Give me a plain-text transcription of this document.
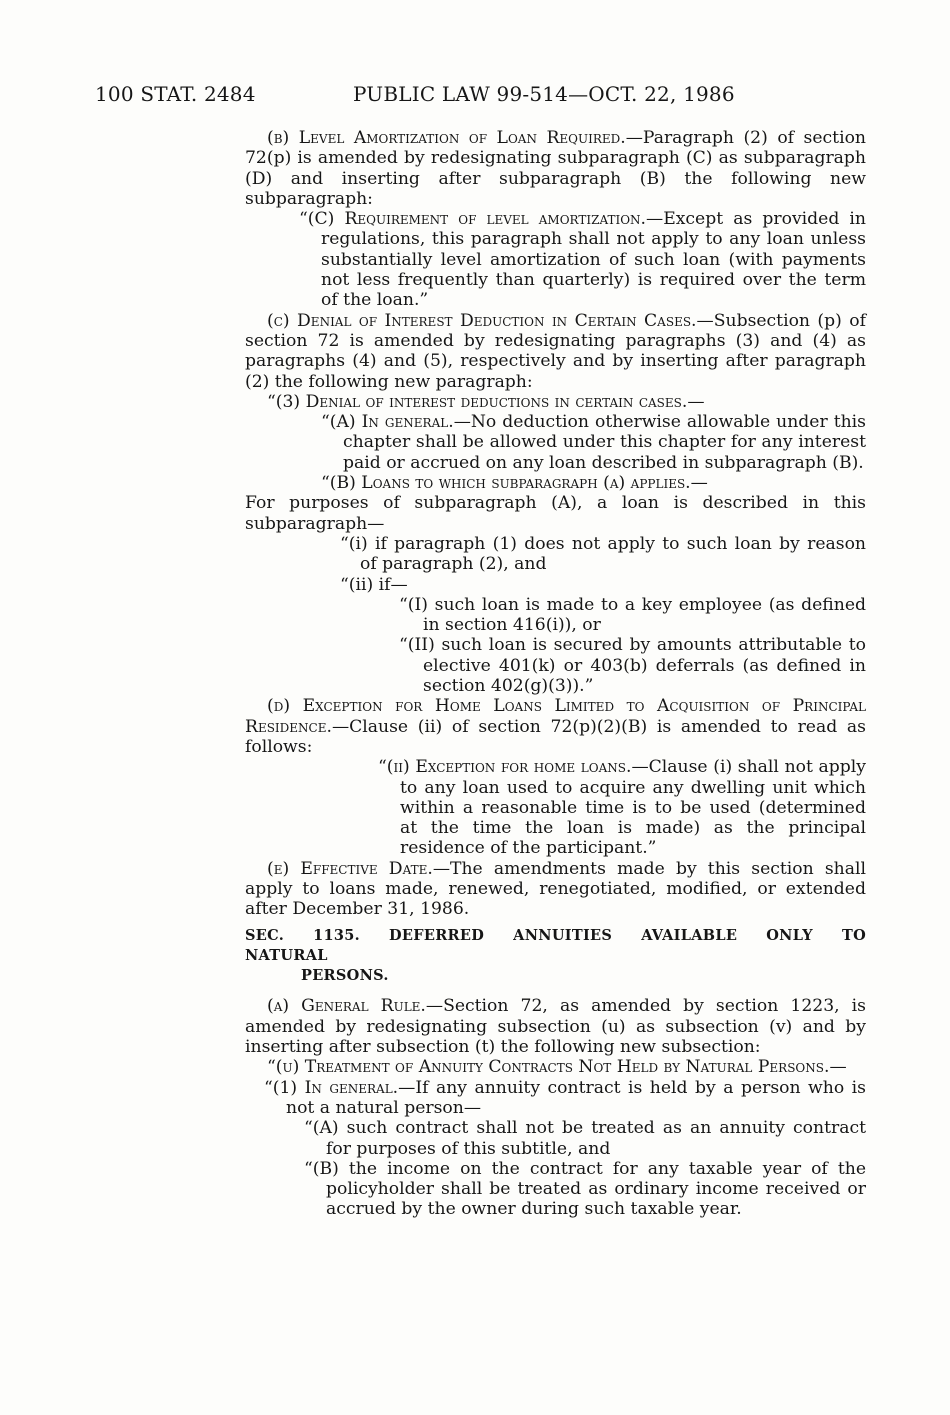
100 STAT. 2484	PUBLIC LAW 99-514—OCT. 22, 1986

(b) Level Amortization of Loan Required.—Paragraph (2) of section 72(p) is amended by redesignating subparagraph (C) as subparagraph (D) and inserting after subparagraph (B) the following new subparagraph:

“(C) Requirement of level amortization.—Except as provided in regulations, this paragraph shall not apply to any loan unless substantially level amortization of such loan (with payments not less frequently than quarterly) is required over the term of the loan.”

(c) Denial of Interest Deduction in Certain Cases.—Subsection (p) of section 72 is amended by redesignating paragraphs (3) and (4) as paragraphs (4) and (5), respectively and by inserting after paragraph (2) the following new paragraph:

“(3) Denial of interest deductions in certain cases.—

“(A) In general.—No deduction otherwise allowable under this chapter shall be allowed under this chapter for any interest paid or accrued on any loan described in subparagraph (B).

“(B) Loans to which subparagraph (a) applies.—

For purposes of subparagraph (A), a loan is described in this subparagraph—

“(i) if paragraph (1) does not apply to such loan by reason of paragraph (2), and

“(ii) if—

“(I) such loan is made to a key employee (as defined in section 416(i)), or

“(II) such loan is secured by amounts attributable to elective 401(k) or 403(b) deferrals (as defined in section 402(g)(3)).”

(d) Exception for Home Loans Limited to Acquisition of Principal Residence.—Clause (ii) of section 72(p)(2)(B) is amended to read as follows:

“(ii) Exception for home loans.—Clause (i) shall not apply to any loan used to acquire any dwelling unit which within a reasonable time is to be used (determined at the time the loan is made) as the principal residence of the participant.”

(e) Effective Date.—The amendments made by this section shall apply to loans made, renewed, renegotiated, modified, or extended after December 31, 1986.

SEC. 1135. DEFERRED ANNUITIES AVAILABLE ONLY TO NATURAL

PERSONS.

(a) General Rule.—Section 72, as amended by section 1223, is amended by redesignating subsection (u) as subsection (v) and by inserting after subsection (t) the following new subsection:

“(u) Treatment of Annuity Contracts Not Held by Natural Persons.—

“(1) In general.—If any annuity contract is held by a person who is not a natural person—

“(A) such contract shall not be treated as an annuity contract for purposes of this subtitle, and

“(B) the income on the contract for any taxable year of the policyholder shall be treated as ordinary income received or accrued by the owner during such taxable year.
